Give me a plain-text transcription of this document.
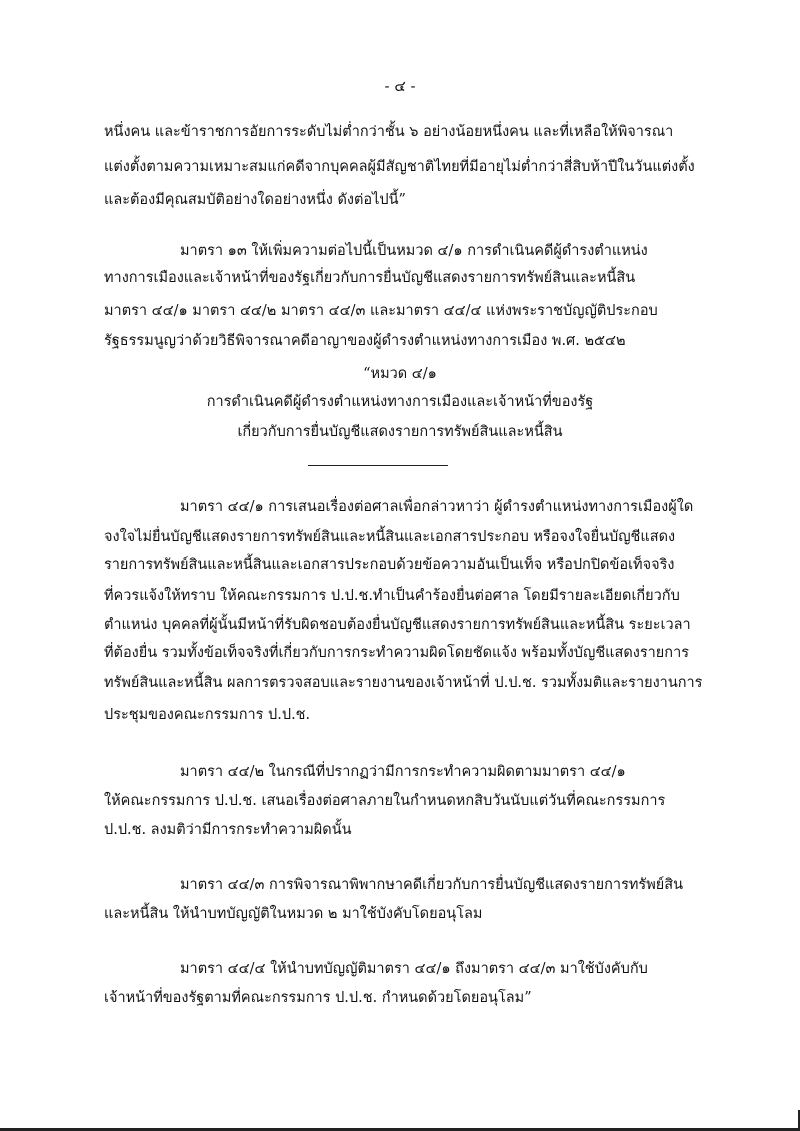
- ๔ -
หนึ่งคน และข้าราชการอัยการระดับไม่ต่ำกว่าชั้น ๖ อย่างน้อยหนึ่งคน และที่เหลือให้พิจารณา
แต่งตั้งตามความเหมาะสมแก่คดีจากบุคคลผู้มีสัญชาติไทยที่มีอายุไม่ต่ำกว่าสี่สิบห้าปีในวันแต่งตั้ง
และต้องมีคุณสมบัติอย่างใดอย่างหนึ่ง ดังต่อไปนี้”
มาตรา ๑๓ ให้เพิ่มความต่อไปนี้เป็นหมวด ๔/๑ การดำเนินคดีผู้ดำรงตำแหน่ง
ทางการเมืองและเจ้าหน้าที่ของรัฐเกี่ยวกับการยื่นบัญชีแสดงรายการทรัพย์สินและหนี้สิน
มาตรา ๔๔/๑ มาตรา ๔๔/๒ มาตรา ๔๔/๓ และมาตรา ๔๔/๔ แห่งพระราชบัญญัติประกอบ
รัฐธรรมนูญว่าด้วยวิธีพิจารณาคดีอาญาของผู้ดำรงตำแหน่งทางการเมือง พ.ศ. ๒๕๔๒
“หมวด ๔/๑
การดำเนินคดีผู้ดำรงตำแหน่งทางการเมืองและเจ้าหน้าที่ของรัฐ
เกี่ยวกับการยื่นบัญชีแสดงรายการทรัพย์สินและหนี้สิน
มาตรา ๔๔/๑ การเสนอเรื่องต่อศาลเพื่อกล่าวหาว่า ผู้ดำรงตำแหน่งทางการเมืองผู้ใด
จงใจไม่ยื่นบัญชีแสดงรายการทรัพย์สินและหนี้สินและเอกสารประกอบ หรือจงใจยื่นบัญชีแสดง
รายการทรัพย์สินและหนี้สินและเอกสารประกอบด้วยข้อความอันเป็นเท็จ หรือปกปิดข้อเท็จจริง
ที่ควรแจ้งให้ทราบ ให้คณะกรรมการ ป.ป.ช.ทำเป็นคำร้องยื่นต่อศาล โดยมีรายละเอียดเกี่ยวกับ
ตำแหน่ง บุคคลที่ผู้นั้นมีหน้าที่รับผิดชอบต้องยื่นบัญชีแสดงรายการทรัพย์สินและหนี้สิน ระยะเวลา
ที่ต้องยื่น รวมทั้งข้อเท็จจริงที่เกี่ยวกับการกระทำความผิดโดยชัดแจ้ง พร้อมทั้งบัญชีแสดงรายการ
ทรัพย์สินและหนี้สิน ผลการตรวจสอบและรายงานของเจ้าหน้าที่ ป.ป.ช. รวมทั้งมติและรายงานการ
ประชุมของคณะกรรมการ ป.ป.ช.
มาตรา ๔๔/๒ ในกรณีที่ปรากฏว่ามีการกระทำความผิดตามมาตรา ๔๔/๑
ให้คณะกรรมการ ป.ป.ช. เสนอเรื่องต่อศาลภายในกำหนดหกสิบวันนับแต่วันที่คณะกรรมการ
ป.ป.ช. ลงมติว่ามีการกระทำความผิดนั้น
มาตรา ๔๔/๓ การพิจารณาพิพากษาคดีเกี่ยวกับการยื่นบัญชีแสดงรายการทรัพย์สิน
และหนี้สิน ให้นำบทบัญญัติในหมวด ๒ มาใช้บังคับโดยอนุโลม
มาตรา ๔๔/๔ ให้นำบทบัญญัติมาตรา ๔๔/๑ ถึงมาตรา ๔๔/๓ มาใช้บังคับกับ
เจ้าหน้าที่ของรัฐตามที่คณะกรรมการ ป.ป.ช. กำหนดด้วยโดยอนุโลม”
